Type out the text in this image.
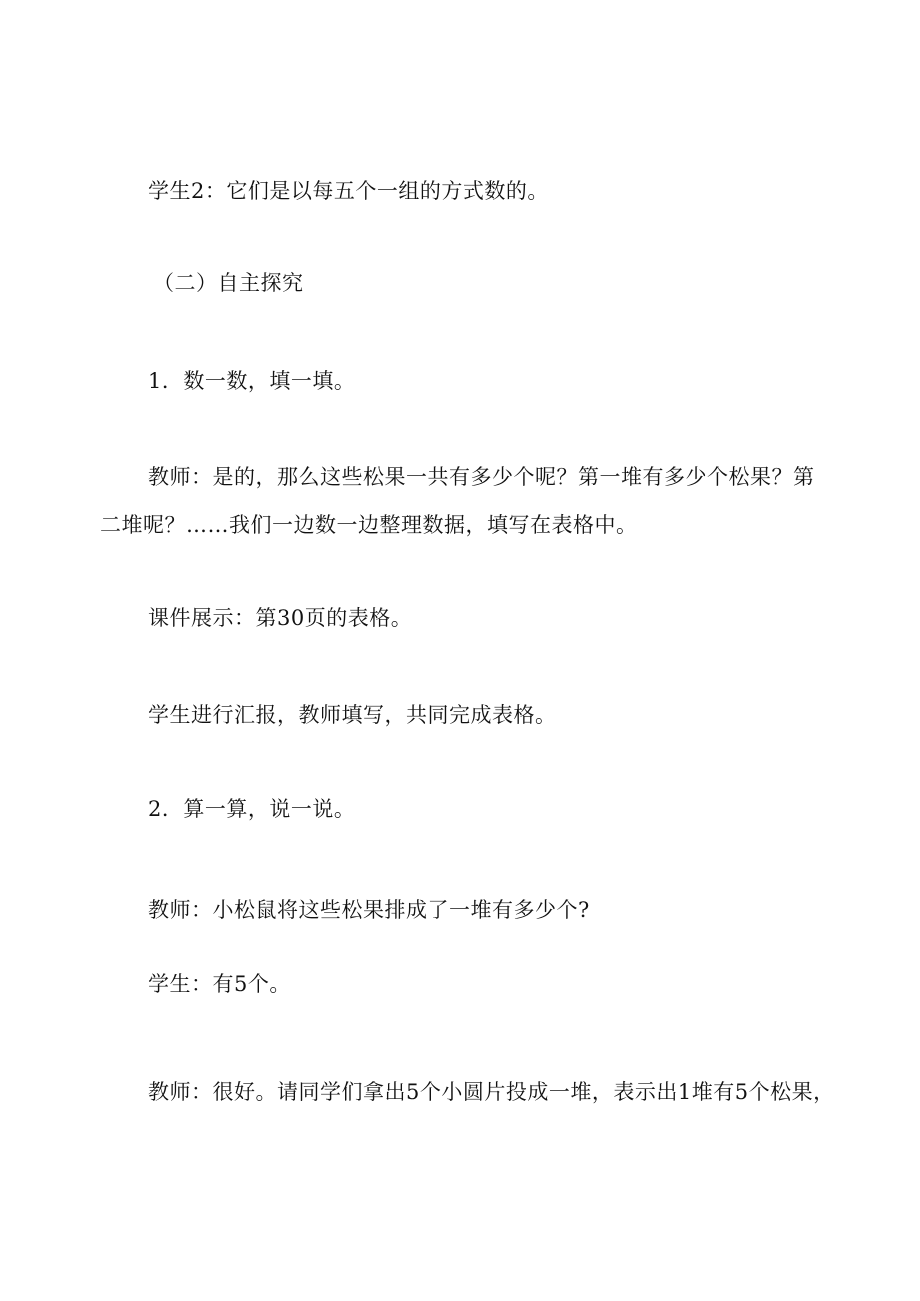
学生2：它们是以每五个一组的方式数的。
（二）自主探究
1．数一数，填一填。
教师：是的，那么这些松果一共有多少个呢？第一堆有多少个松果？第
二堆呢？……我们一边数一边整理数据，填写在表格中。
课件展示：第30页的表格。
学生进行汇报，教师填写，共同完成表格。
2．算一算，说一说。
教师：小松鼠将这些松果排成了一堆有多少个?
学生：有5个。
教师：很好。请同学们拿出5个小圆片投成一堆，表示出1堆有5个松果，
